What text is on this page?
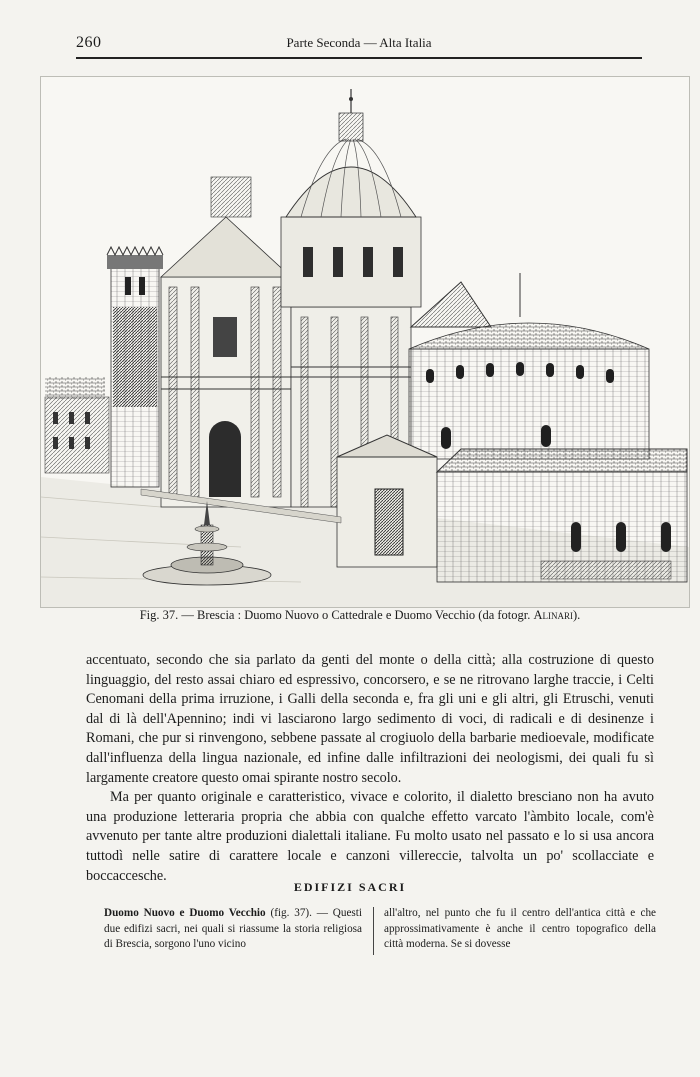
260	Parte Seconda — Alta Italia
Fig. 37. — Brescia : Duomo Nuovo o Cattedrale e Duomo Vecchio (da fotogr. Alinari).

accentuato, secondo che sia parlato da genti del monte o della città; alla costruzione di questo linguaggio, del resto assai chiaro ed espressivo, concorsero, e se ne ritrovano larghe traccie, i Celti Cenomani della prima irruzione, i Galli della seconda e, fra gli uni e gli altri, gli Etruschi, venuti dal di là dell'Apennino; indi vi lasciarono largo sedimento di voci, di radicali e di desinenze i Romani, che pur si rinvengono, sebbene passate al crogiuolo della barbarie medioevale, modificate dall'influenza della lingua nazionale, ed infine dalle infiltrazioni dei neologismi, dei quali fu sì largamente creatore questo omai spirante nostro secolo.

Ma per quanto originale e caratteristico, vivace e colorito, il dialetto bresciano non ha avuto una produzione letteraria propria che abbia con qualche effetto varcato l'àmbito locale, com'è avvenuto per tante altre produzioni dialettali italiane. Fu molto usato nel passato e lo si usa ancora tuttodì nelle satire di carattere locale e canzoni villereccie, talvolta un po' scollacciate e boccaccesche.

EDIFIZI SACRI
Duomo Nuovo e Duomo Vecchio (fig. 37). — Questi due edifizi sacri, nei quali si riassume la storia religiosa di Brescia, sorgono l'uno vicino
all'altro, nel punto che fu il centro dell'antica città e che approssimativamente è anche il centro topografico della città moderna. Se si dovesse
